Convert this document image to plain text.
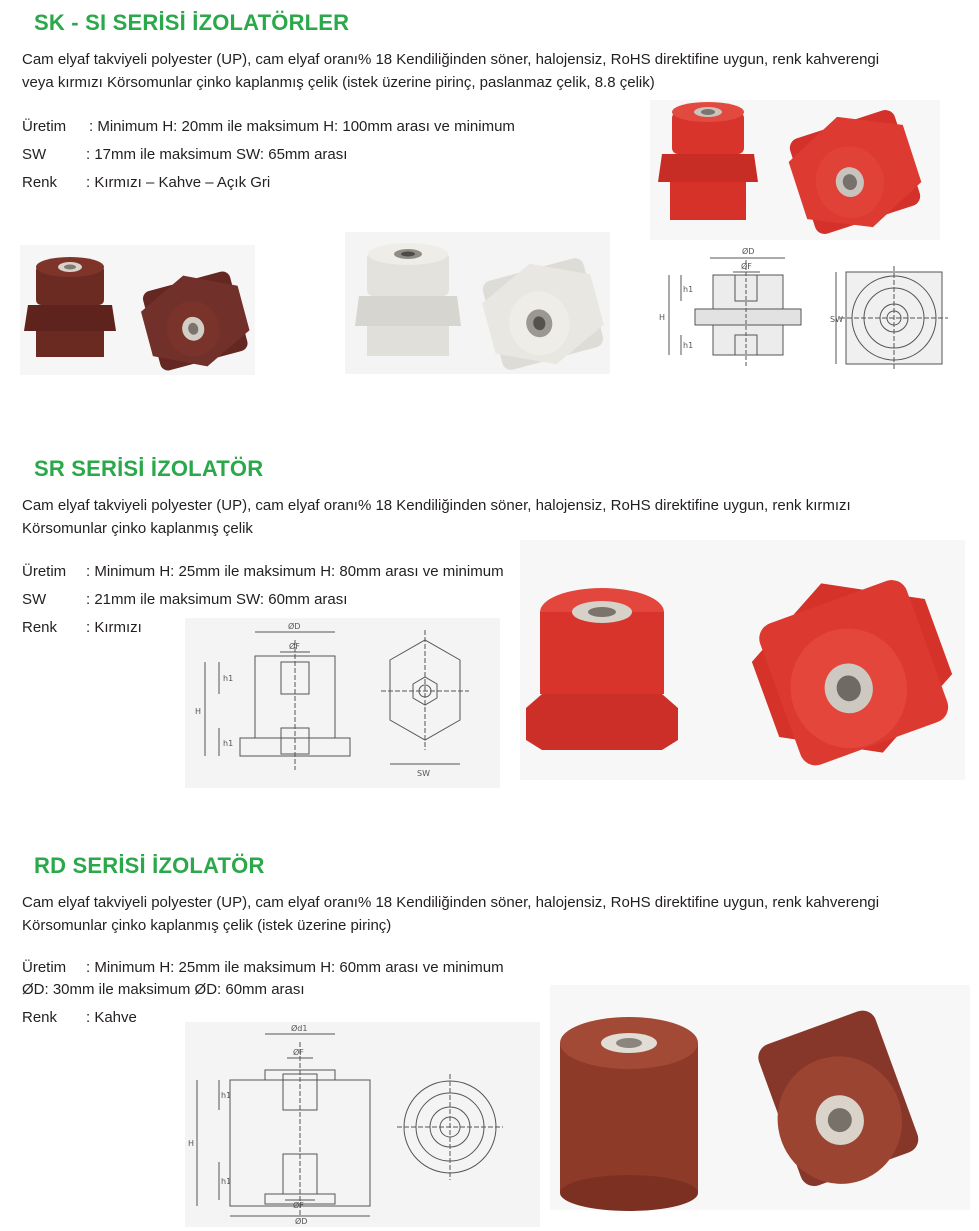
SK - SI SERİSİ İZOLATÖRLER
Cam elyaf takviyeli polyester (UP), cam elyaf oranı% 18 Kendiliğinden söner, halojensiz, RoHS direktifine uygun, renk kahverengi
veya kırmızı Körsomunlar çinko kaplanmış çelik (istek üzerine pirinç, paslanmaz çelik, 8.8 çelik)
Üretim : Minimum H: 20mm ile maksimum H: 100mm arası ve minimum
SW	: 17mm ile maksimum SW: 65mm arası
Renk : Kırmızı – Kahve – Açık Gri
ØD
ØF
h1
H
h1
SW
SR SERİSİ İZOLATÖR
Cam elyaf takviyeli polyester (UP), cam elyaf oranı% 18 Kendiliğinden söner, halojensiz, RoHS direktifine uygun, renk kırmızı
Körsomunlar çinko kaplanmış çelik
Üretim : Minimum H: 25mm ile maksimum H: 80mm arası ve minimum
SW	: 21mm ile maksimum SW: 60mm arası
Renk : Kırmızı	ØD
ØF
h1
H
h1
SW
RD SERİSİ İZOLATÖR
Cam elyaf takviyeli polyester (UP), cam elyaf oranı% 18 Kendiliğinden söner, halojensiz, RoHS direktifine uygun, renk kahverengi
Körsomunlar çinko kaplanmış çelik (istek üzerine pirinç)
Üretim : Minimum H: 25mm ile maksimum H: 60mm arası ve minimum
ØD: 30mm ile maksimum ØD: 60mm arası
Renk : Kahve
Ød1
ØF
h1
H
h1
ØF
ØD
